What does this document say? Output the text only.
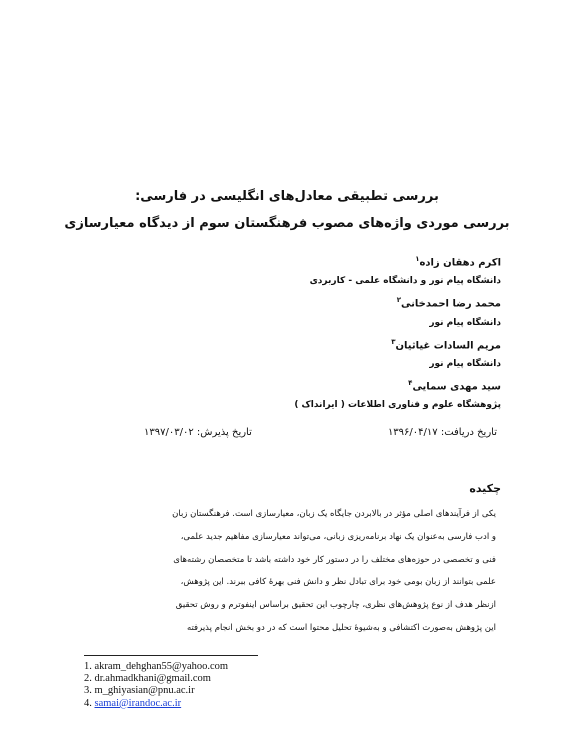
بررسی تطبیقی معادل‌های انگلیسی در فارسی:
بررسی موردی واژه‌های مصوب فرهنگستان سوم از دیدگاه معیارسازی
اکرم دهقان زاده$^۱$
دانشگاه پیام نور و دانشگاه علمی - کاربردی
محمد رضا احمدخانی$^۲$
دانشگاه پیام نور
مریم السادات غیاثیان$^۳$
دانشگاه پیام نور
سید مهدی سمایی$^۴$
پژوهشگاه علوم و فناوری اطلاعات ( ایرانداک )
تاریخ دریافت: ۱۳۹۶/۰۴/۱۷
تاریخ پذیرش: ۱۳۹۷/۰۳/۰۲
چکیده
یکی از فرآیندهای اصلی مؤثر در بالابردن جایگاه یک زبان، معیارسازی است. فرهنگستان زبان
و ادب فارسی به‌عنوان یک نهاد برنامه‌ریزی زبانی، می‌تواند معیارسازی مفاهیم جدید علمی،
فنی و تخصصی در حوزه‌های مختلف را در دستور کار خود داشته باشد تا متخصصان رشته‌های
علمی بتوانند از زبان بومی خود برای تبادل نظر و دانش فنی بهرهٔ کافی ببرند. این پژوهش،
ازنظر هدف از نوع پژوهش‌های نظری، چارچوب این تحقیق براساس اینفوترم و روش تحقیق
این پژوهش به‌صورت اکتشافی و به‌شیوهٔ تحلیل محتوا است که در دو بخش انجام پذیرفته
1. akram_dehghan55@yahoo.com
2. dr.ahmadkhani@gmail.com
3. m_ghiyasian@pnu.ac.ir
4. samai@irandoc.ac.ir
